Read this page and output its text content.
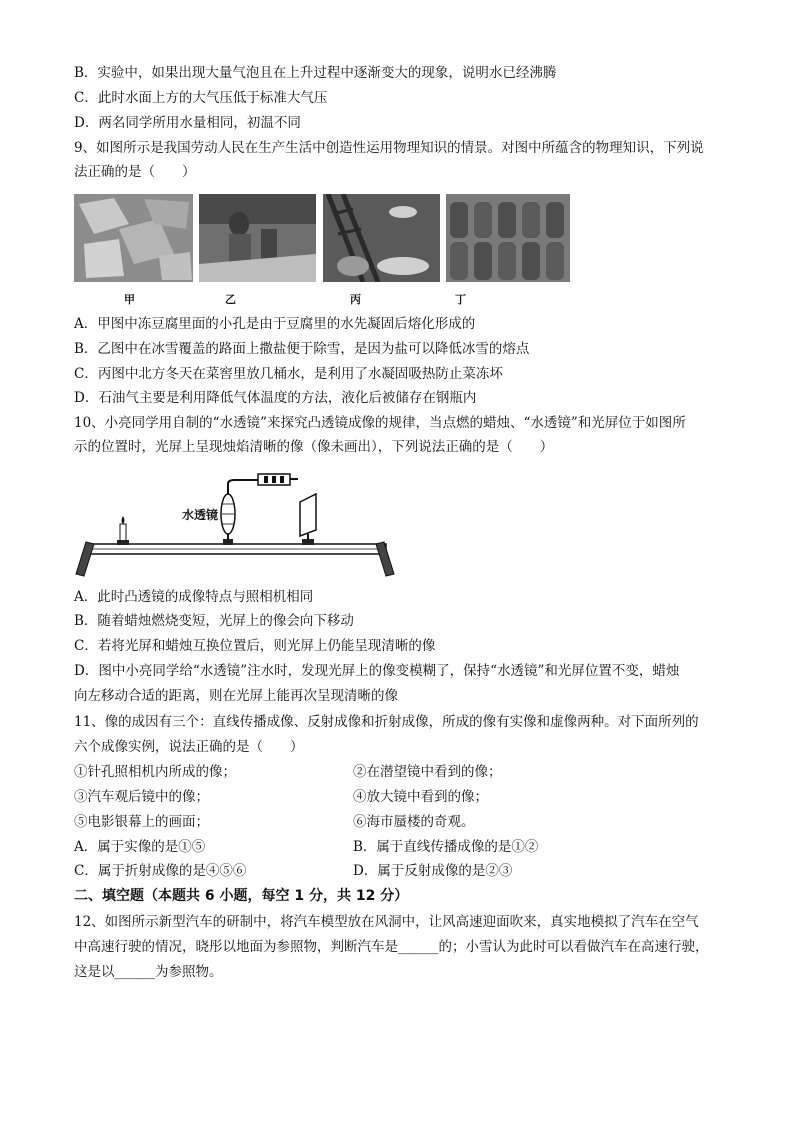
B．实验中，如果出现大量气泡且在上升过程中逐渐变大的现象，说明水已经沸腾
C．此时水面上方的大气压低于标准大气压
D．两名同学所用水量相同，初温不同
9、如图所示是我国劳动人民在生产生活中创造性运用物理知识的情景。对图中所蕴含的物理知识，下列说
法正确的是（　　）
甲	乙	丙	丁
A．甲图中冻豆腐里面的小孔是由于豆腐里的水先凝固后熔化形成的
B．乙图中在冰雪覆盖的路面上撒盐便于除雪，是因为盐可以降低冰雪的熔点
C．丙图中北方冬天在菜窖里放几桶水，是利用了水凝固吸热防止菜冻坏
D．石油气主要是利用降低气体温度的方法，液化后被储存在钢瓶内
10、小亮同学用自制的“水透镜”来探究凸透镜成像的规律，当点燃的蜡烛、“水透镜”和光屏位于如图所
示的位置时，光屏上呈现烛焰清晰的像（像未画出），下列说法正确的是（　　）
水透镜
A．此时凸透镜的成像特点与照相机相同
B．随着蜡烛燃烧变短，光屏上的像会向下移动
C．若将光屏和蜡烛互换位置后，则光屏上仍能呈现清晰的像
D．图中小亮同学给“水透镜”注水时，发现光屏上的像变模糊了，保持“水透镜”和光屏位置不变，蜡烛
向左移动合适的距离，则在光屏上能再次呈现清晰的像
11、像的成因有三个：直线传播成像、反射成像和折射成像，所成的像有实像和虚像两种。对下面所列的
六个成像实例，说法正确的是（　　）
①针孔照相机内所成的像；	②在潜望镜中看到的像；
③汽车观后镜中的像；	④放大镜中看到的像；
⑤电影银幕上的画面；	⑥海市蜃楼的奇观。
A．属于实像的是①⑤	B．属于直线传播成像的是①②
C．属于折射成像的是④⑤⑥	D．属于反射成像的是②③
二、填空题（本题共 6 小题，每空 1 分，共 12 分）
12、如图所示新型汽车的研制中，将汽车模型放在风洞中，让风高速迎面吹来，真实地模拟了汽车在空气
中高速行驶的情况，晓彤以地面为参照物，判断汽车是______的；小雪认为此时可以看做汽车在高速行驶，
这是以______为参照物。
